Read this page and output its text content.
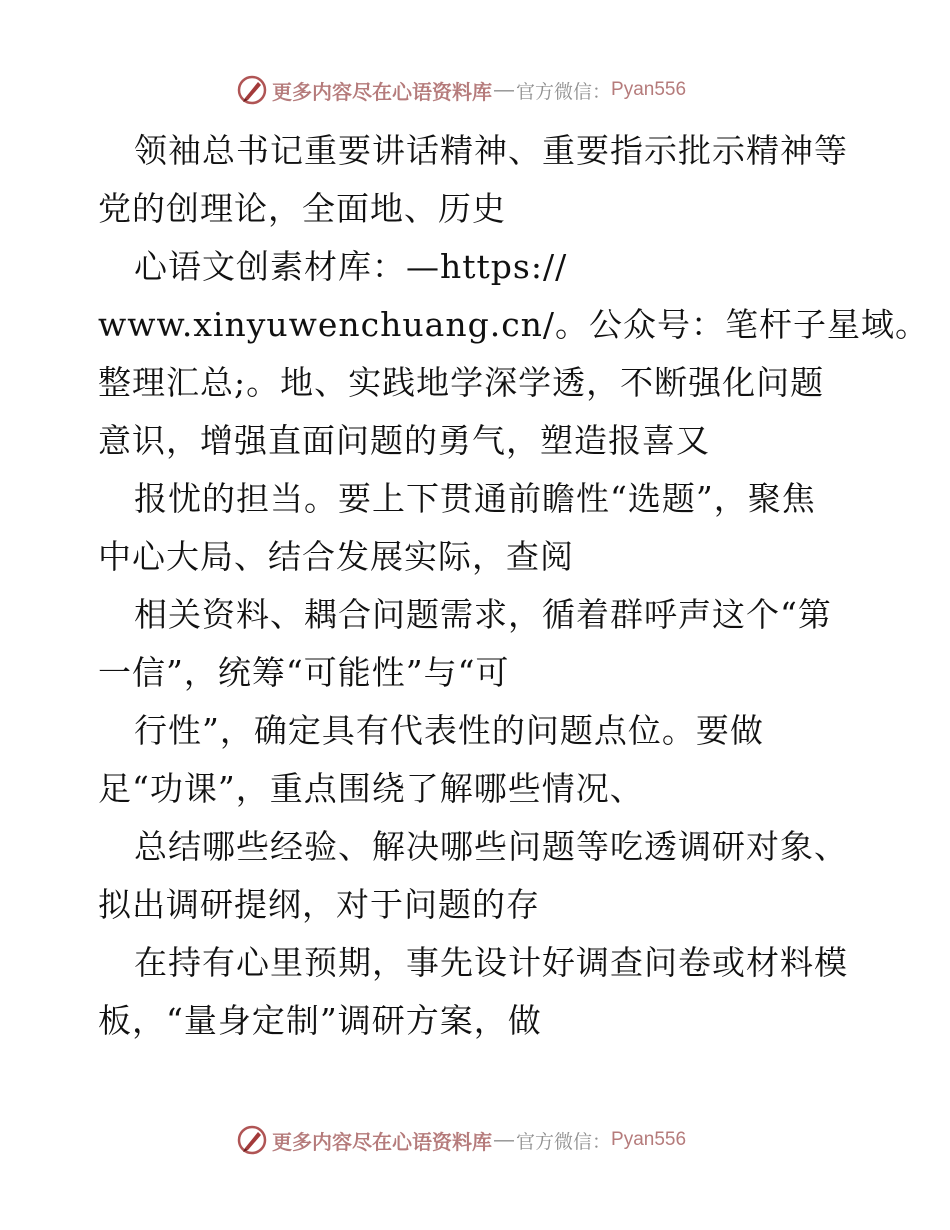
更多内容尽在心语资料库 — 官方微信： Pyan556
领袖总书记重要讲话精神、重要指示批示精神等
党的创理论，全面地、历史
心语文创素材库：—https://
www.xinyuwenchuang.cn/。公众号：笔杆子星域。
整理汇总;。地、实践地学深学透，不断强化问题
意识，增强直面问题的勇气，塑造报喜又
报忧的担当。要上下贯通前瞻性“选题”，聚焦
中心大局、结合发展实际，查阅
相关资料、耦合问题需求，循着群呼声这个“第
一信”，统筹“可能性”与“可
行性”，确定具有代表性的问题点位。要做
足“功课”，重点围绕了解哪些情况、
总结哪些经验、解决哪些问题等吃透调研对象、
拟出调研提纲，对于问题的存
在持有心里预期，事先设计好调查问卷或材料模
板，“量身定制”调研方案，做
更多内容尽在心语资料库 — 官方微信： Pyan556
